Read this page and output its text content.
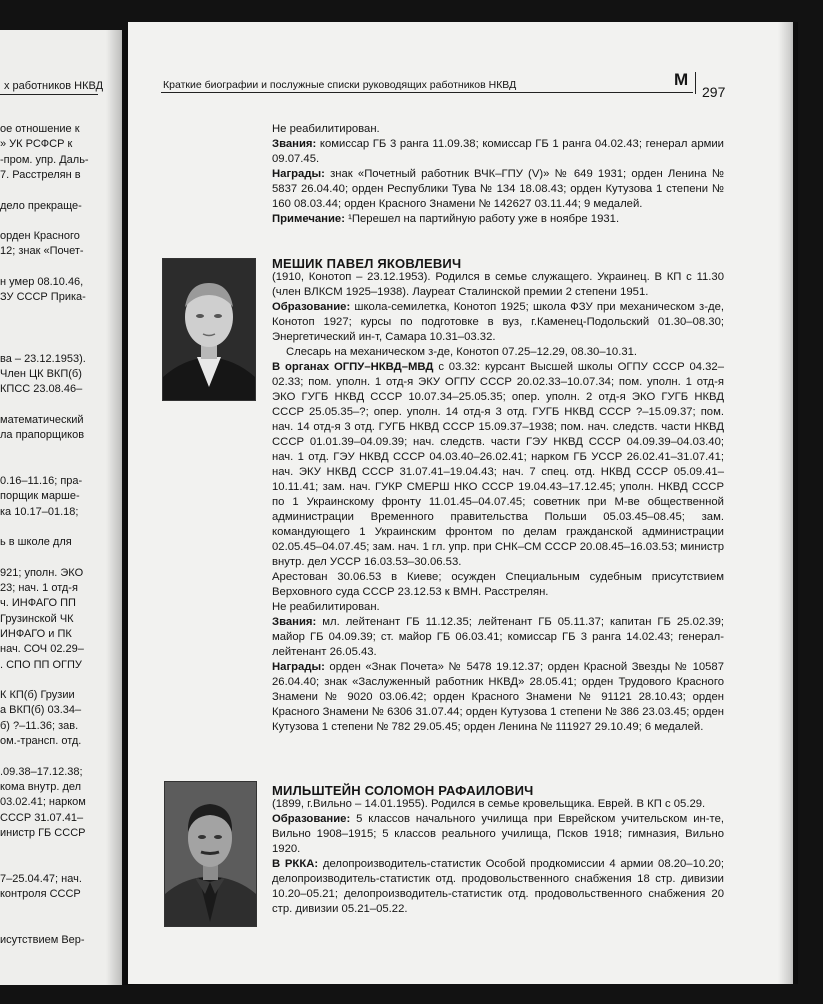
х работников НКВД
ое отношение к
» УК РСФСР к
-пром. упр. Даль-
7. Расстрелян в
дело прекраще-
орден Красного
12; знак «Почет-
н умер 08.10.46,
ЗУ СССР Прика-
ва – 23.12.1953).
Член ЦК ВКП(б)
КПСС 23.08.46–
математический
ла прапорщиков
0.16–11.16; пра-
порщик марше-
ка 10.17–01.18;
ь в школе для
921; уполн. ЭКО
23; нач. 1 отд-я
ч. ИНФАГО ПП
Грузинской ЧК
ИНФАГО и ПК
нач. СОЧ 02.29–
. СПО ПП ОГПУ
К КП(б) Грузии
а ВКП(б) 03.34–
б) ?–11.36; зав.
ом.-трансп. отд.
.09.38–17.12.38;
кома внутр. дел
03.02.41; нарком
СССР 31.07.41–
инистр ГБ СССР
7–25.04.47; нач.
контроля СССР
исутствием Вер-
Краткие биографии и послужные списки руководящих работников НКВД	М
297

Не реабилитирован.

Звания: комиссар ГБ 3 ранга 11.09.38; комиссар ГБ 1 ранга 04.02.43; генерал армии 09.07.45.

Награды: знак «Почетный работник ВЧК–ГПУ (V)» № 649 1931; орден Ленина № 5837 26.04.40; орден Республики Тува № 134 18.08.43; орден Кутузова 1 степени № 160 08.03.44; орден Красного Знамени № 142627 03.11.44; 9 медалей.

Примечание: ¹Перешел на партийную работу уже в ноябре 1931.

МЕШИК ПАВЕЛ ЯКОВЛЕВИЧ

(1910, Конотоп – 23.12.1953). Родился в семье служащего. Украинец. В КП с 11.30 (член ВЛКСМ 1925–1938). Лауреат Сталинской премии 2 степени 1951.

Образование: школа-семилетка, Конотоп 1925; школа ФЗУ при механическом з-де, Конотоп 1927; курсы по подготовке в вуз, г.Каменец-Подольский 01.30–08.30; Энергетический ин-т, Самара 10.31–03.32.

Слесарь на механическом з-де, Конотоп 07.25–12.29, 08.30–10.31.

В органах ОГПУ–НКВД–МВД с 03.32: курсант Высшей школы ОГПУ СССР 04.32–02.33; пом. уполн. 1 отд-я ЭКУ ОГПУ СССР 20.02.33–10.07.34; пом. уполн. 1 отд-я ЭКО ГУГБ НКВД СССР 10.07.34–25.05.35; опер. уполн. 2 отд-я ЭКО ГУГБ НКВД СССР 25.05.35–?; опер. уполн. 14 отд-я 3 отд. ГУГБ НКВД СССР ?–15.09.37; пом. нач. 14 отд-я 3 отд. ГУГБ НКВД СССР 15.09.37–1938; пом. нач. следств. части НКВД СССР 01.01.39–04.09.39; нач. следств. части ГЭУ НКВД СССР 04.09.39–04.03.40; нач. 1 отд. ГЭУ НКВД СССР 04.03.40–26.02.41; нарком ГБ УССР 26.02.41–31.07.41; нач. ЭКУ НКВД СССР 31.07.41–19.04.43; нач. 7 спец. отд. НКВД СССР 05.09.41–10.11.41; зам. нач. ГУКР СМЕРШ НКО СССР 19.04.43–17.12.45; уполн. НКВД СССР по 1 Украинскому фронту 11.01.45–04.07.45; советник при М-ве общественной администрации Временного правительства Польши 05.03.45–08.45; зам. командующего 1 Украинским фронтом по делам гражданской администрации 02.05.45–04.07.45; зам. нач. 1 гл. упр. при СНК–СМ СССР 20.08.45–16.03.53; министр внутр. дел УССР 16.03.53–30.06.53.

Арестован 30.06.53 в Киеве; осужден Специальным судебным присутствием Верховного суда СССР 23.12.53 к ВМН. Расстрелян.

Не реабилитирован.

Звания: мл. лейтенант ГБ 11.12.35; лейтенант ГБ 05.11.37; капитан ГБ 25.02.39; майор ГБ 04.09.39; ст. майор ГБ 06.03.41; комиссар ГБ 3 ранга 14.02.43; генерал-лейтенант 26.05.43.

Награды: орден «Знак Почета» № 5478 19.12.37; орден Красной Звезды № 10587 26.04.40; знак «Заслуженный работник НКВД» 28.05.41; орден Трудового Красного Знамени № 9020 03.06.42; орден Красного Знамени № 91121 28.10.43; орден Красного Знамени № 6306 31.07.44; орден Кутузова 1 степени № 386 23.03.45; орден Кутузова 1 степени № 782 29.05.45; орден Ленина № 111927 29.10.49; 6 медалей.

МИЛЬШТЕЙН СОЛОМОН РАФАИЛОВИЧ

(1899, г.Вильно – 14.01.1955). Родился в семье кровельщика. Еврей. В КП с 05.29.

Образование: 5 классов начального училища при Еврейском учительском ин-те, Вильно 1908–1915; 5 классов реального училища, Псков 1918; гимназия, Вильно 1920.

В РККА: делопроизводитель-статистик Особой продкомиссии 4 армии 08.20–10.20; делопроизводитель-статистик отд. продовольственного снабжения 18 стр. дивизии 10.20–05.21; делопроизводитель-статистик отд. продовольственного снабжения 20 стр. дивизии 05.21–05.22.
